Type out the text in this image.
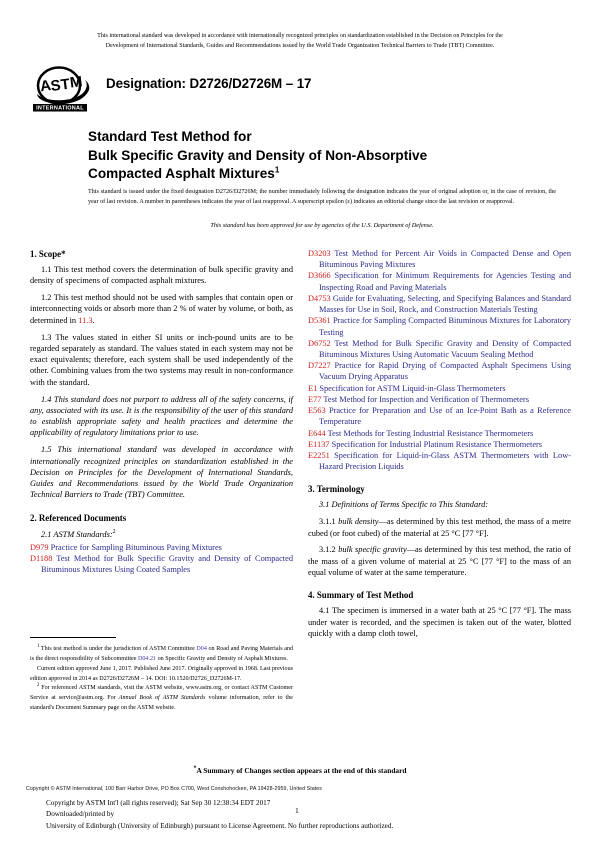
This international standard was developed in accordance with internationally recognized principles on standardization established in the Decision on Principles for the
Development of International Standards, Guides and Recommendations issued by the World Trade Organization Technical Barriers to Trade (TBT) Committee.
A
S
T
M
INTERNATIONAL
Designation: D2726/D2726M – 17
Standard Test Method for
Bulk Specific Gravity and Density of Non-Absorptive
Compacted Asphalt Mixtures$^1$
This standard is issued under the fixed designation D2726/D2726M; the number immediately following the designation indicates the year of original adoption or, in the case of revision, the year of last revision. A number in parentheses indicates the year of last reapproval. A superscript epsilon (ε) indicates an editorial change since the last revision or reapproval.
This standard has been approved for use by agencies of the U.S. Department of Defense.
1. Scope*

1.1 This test method covers the determination of bulk specific gravity and density of specimens of compacted asphalt mixtures.

1.2 This test method should not be used with samples that contain open or interconnecting voids or absorb more than 2 % of water by volume, or both, as determined in 11.3.

1.3 The values stated in either SI units or inch-pound units are to be regarded separately as standard. The values stated in each system may not be exact equivalents; therefore, each system shall be used independently of the other. Combining values from the two systems may result in non-conformance with the standard.

1.4 This standard does not purport to address all of the safety concerns, if any, associated with its use. It is the responsibility of the user of this standard to establish appropriate safety and health practices and determine the applicability of regulatory limitations prior to use.

1.5 This international standard was developed in accordance with internationally recognized principles on standardization established in the Decision on Principles for the Development of International Standards, Guides and Recommendations issued by the World Trade Organization Technical Barriers to Trade (TBT) Committee.

2. Referenced Documents
2.1 ASTM Standards:$^2$

D979 Practice for Sampling Bituminous Paving Mixtures

D1188 Test Method for Bulk Specific Gravity and Density of Compacted Bituminous Mixtures Using Coated Samples

D3203 Test Method for Percent Air Voids in Compacted Dense and Open Bituminous Paving Mixtures

D3666 Specification for Minimum Requirements for Agencies Testing and Inspecting Road and Paving Materials

D4753 Guide for Evaluating, Selecting, and Specifying Balances and Standard Masses for Use in Soil, Rock, and Construction Materials Testing

D5361 Practice for Sampling Compacted Bituminous Mixtures for Laboratory Testing

D6752 Test Method for Bulk Specific Gravity and Density of Compacted Bituminous Mixtures Using Automatic Vacuum Sealing Method

D7227 Practice for Rapid Drying of Compacted Asphalt Specimens Using Vacuum Drying Apparatus

E1 Specification for ASTM Liquid-in-Glass Thermometers

E77 Test Method for Inspection and Verification of Thermometers

E563 Practice for Preparation and Use of an Ice-Point Bath as a Reference Temperature

E644 Test Methods for Testing Industrial Resistance Thermometers

E1137 Specification for Industrial Platinum Resistance Thermometers

E2251 Specification for Liquid-in-Glass ASTM Thermometers with Low-Hazard Precision Liquids

3. Terminology

3.1 Definitions of Terms Specific to This Standard:

3.1.1 bulk density—as determined by this test method, the mass of a metre cubed (or foot cubed) of the material at 25 °C [77 °F].

3.1.2 bulk specific gravity—as determined by this test method, the ratio of the mass of a given volume of material at 25 °C [77 °F] to the mass of an equal volume of water at the same temperature.

4. Summary of Test Method

4.1 The specimen is immersed in a water bath at 25 °C [77 °F]. The mass under water is recorded, and the specimen is taken out of the water, blotted quickly with a damp cloth towel,

$^1$ This test method is under the jurisdiction of ASTM Committee D04 on Road and Paving Materials and is the direct responsibility of Subcommittee D04.21 on Specific Gravity and Density of Asphalt Mixtures.

Current edition approved June 1, 2017. Published June 2017. Originally approved in 1968. Last previous edition approved in 2014 as D2726/D2726M – 14. DOI: 10.1520/D2726_D2726M-17.

$^2$ For referenced ASTM standards, visit the ASTM website, www.astm.org, or contact ASTM Customer Service at service@astm.org. For Annual Book of ASTM Standards volume information, refer to the standard's Document Summary page on the ASTM website.

*A Summary of Changes section appears at the end of this standard
Copyright © ASTM International, 100 Barr Harbor Drive, PO Box C700, West Conshohocken, PA 19428-2959, United States
Copyright by ASTM Int'l (all rights reserved); Sat Sep 30 12:38:34 EDT 2017
Downloaded/printed by
University of Edinburgh (University of Edinburgh) pursuant to License Agreement. No further reproductions authorized.
1
